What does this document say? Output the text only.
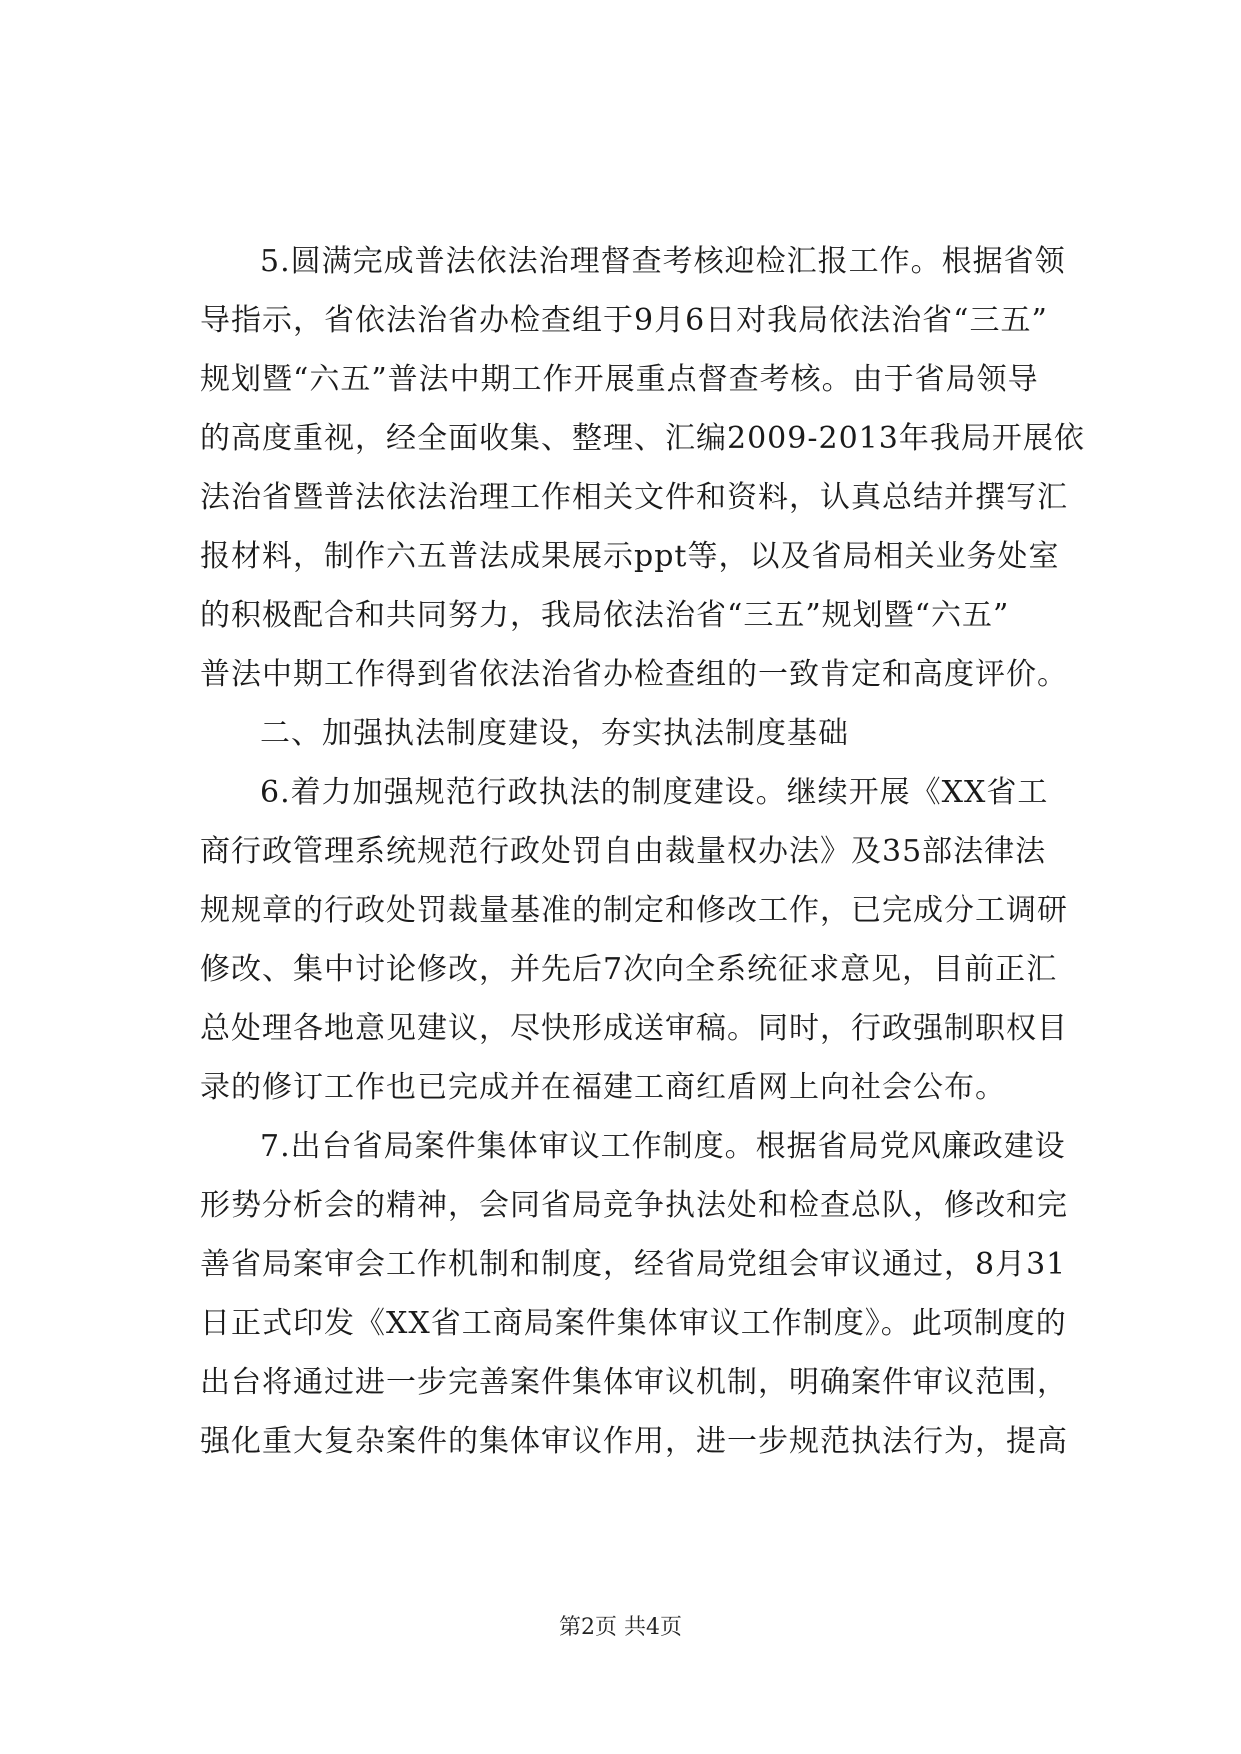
5.圆满完成普法依法治理督查考核迎检汇报工作。根据省领
导指示，省依法治省办检查组于9月6日对我局依法治省“三五”
规划暨“六五”普法中期工作开展重点督查考核。由于省局领导
的高度重视，经全面收集、整理、汇编2009-2013年我局开展依
法治省暨普法依法治理工作相关文件和资料，认真总结并撰写汇
报材料，制作六五普法成果展示ppt等，以及省局相关业务处室
的积极配合和共同努力，我局依法治省“三五”规划暨“六五”
普法中期工作得到省依法治省办检查组的一致肯定和高度评价。

二、加强执法制度建设，夯实执法制度基础

6.着力加强规范行政执法的制度建设。继续开展《XX省工
商行政管理系统规范行政处罚自由裁量权办法》及35部法律法
规规章的行政处罚裁量基准的制定和修改工作，已完成分工调研
修改、集中讨论修改，并先后7次向全系统征求意见，目前正汇
总处理各地意见建议，尽快形成送审稿。同时，行政强制职权目
录的修订工作也已完成并在福建工商红盾网上向社会公布。

7.出台省局案件集体审议工作制度。根据省局党风廉政建设
形势分析会的精神，会同省局竞争执法处和检查总队，修改和完
善省局案审会工作机制和制度，经省局党组会审议通过，8月31
日正式印发《XX省工商局案件集体审议工作制度》。此项制度的
出台将通过进一步完善案件集体审议机制，明确案件审议范围，
强化重大复杂案件的集体审议作用，进一步规范执法行为，提高

第2页 共4页
